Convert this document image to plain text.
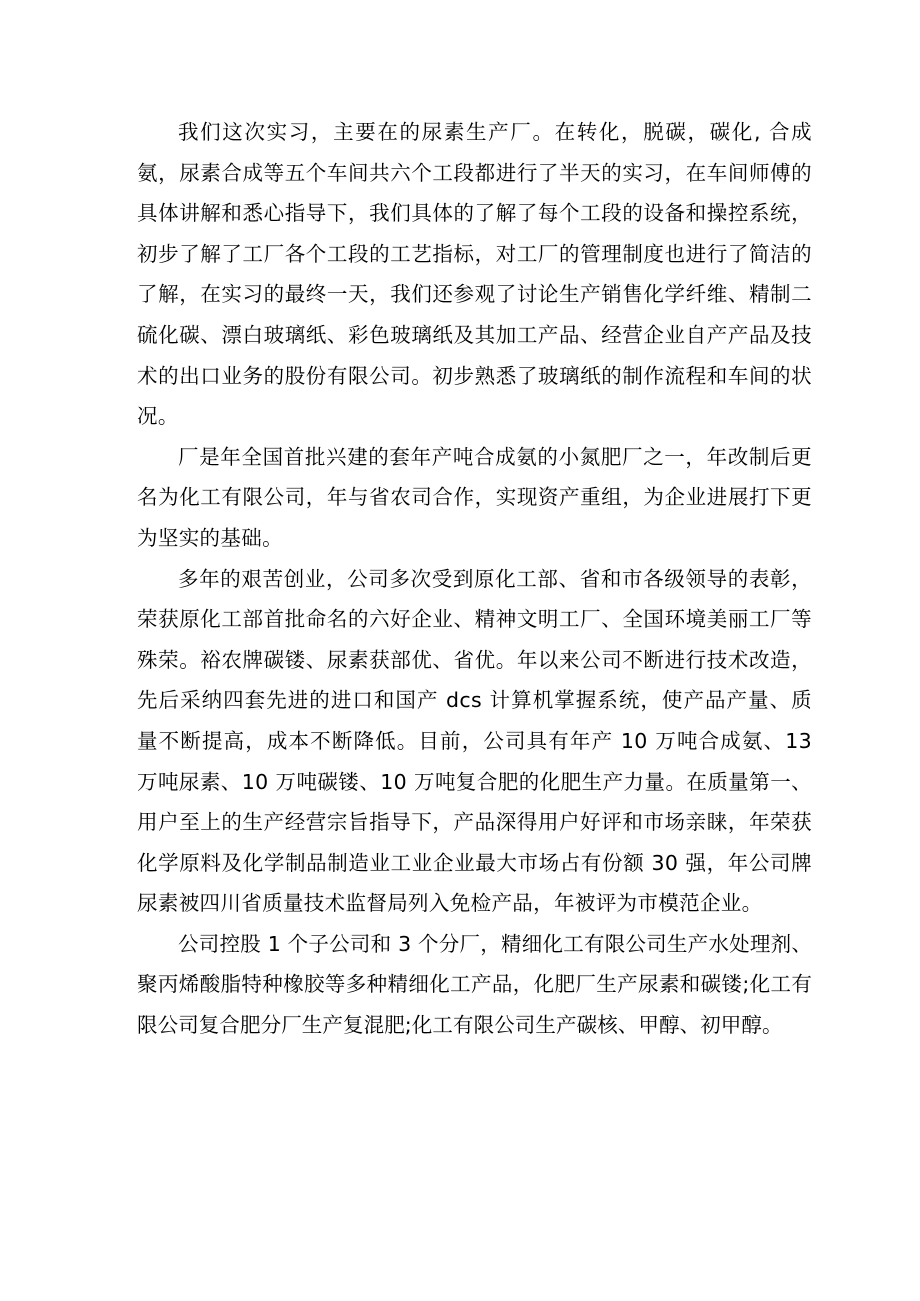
我们这次实习，主要在的尿素生产厂。在转化，脱碳，碳化, 合成氨，尿素合成等五个车间共六个工段都进行了半天的实习，在车间师傅的具体讲解和悉心指导下，我们具体的了解了每个工段的设备和操控系统，初步了解了工厂各个工段的工艺指标，对工厂的管理制度也进行了简洁的了解，在实习的最终一天，我们还参观了讨论生产销售化学纤维、精制二硫化碳、漂白玻璃纸、彩色玻璃纸及其加工产品、经营企业自产产品及技术的出口业务的股份有限公司。初步熟悉了玻璃纸的制作流程和车间的状况。

厂是年全国首批兴建的套年产吨合成氨的小氮肥厂之一，年改制后更名为化工有限公司，年与省农司合作，实现资产重组，为企业进展打下更为坚实的基础。

多年的艰苦创业，公司多次受到原化工部、省和市各级领导的表彰，荣获原化工部首批命名的六好企业、精神文明工厂、全国环境美丽工厂等殊荣。裕农牌碳镂、尿素获部优、省优。年以来公司不断进行技术改造，先后采纳四套先进的进口和国产 dcs 计算机掌握系统，使产品产量、质量不断提高，成本不断降低。目前，公司具有年产 10 万吨合成氨、13 万吨尿素、10 万吨碳镂、10 万吨复合肥的化肥生产力量。在质量第一、用户至上的生产经营宗旨指导下，产品深得用户好评和市场亲睐，年荣获化学原料及化学制品制造业工业企业最大市场占有份额 30 强，年公司牌尿素被四川省质量技术监督局列入免检产品，年被评为市模范企业。

公司控股 1 个子公司和 3 个分厂，精细化工有限公司生产水处理剂、聚丙烯酸脂特种橡胶等多种精细化工产品，化肥厂生产尿素和碳镂;化工有限公司复合肥分厂生产复混肥;化工有限公司生产碳核、甲醇、初甲醇。
